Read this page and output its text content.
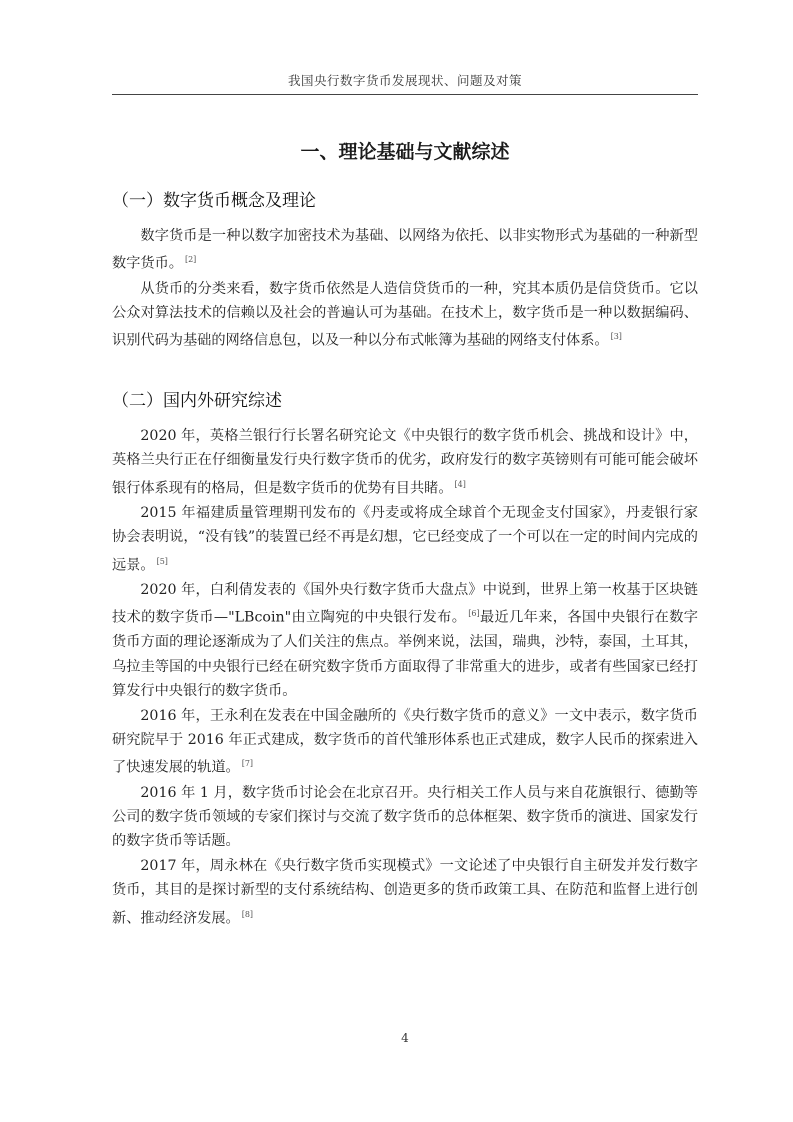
我国央行数字货币发展现状、问题及对策
一、理论基础与文献综述
（一）数字货币概念及理论

数字货币是一种以数字加密技术为基础、以网络为依托、以非实物形式为基础的一种新型数字货币。 [2]

从货币的分类来看，数字货币依然是人造信贷货币的一种，究其本质仍是信贷货币。它以公众对算法技术的信赖以及社会的普遍认可为基础。在技术上，数字货币是一种以数据编码、识别代码为基础的网络信息包，以及一种以分布式帐簿为基础的网络支付体系。 [3]

（二）国内外研究综述

2020 年，英格兰银行行长署名研究论文《中央银行的数字货币机会、挑战和设计》中，英格兰央行正在仔细衡量发行央行数字货币的优劣，政府发行的数字英镑则有可能可能会破坏银行体系现有的格局，但是数字货币的优势有目共睹。 [4]

2015 年福建质量管理期刊发布的《丹麦或将成全球首个无现金支付国家》，丹麦银行家协会表明说，“没有钱”的装置已经不再是幻想，它已经变成了一个可以在一定的时间内完成的远景。 [5]

2020 年，白利倩发表的《国外央行数字货币大盘点》中说到，世界上第一枚基于区块链技术的数字货币—"LBcoin"由立陶宛的中央银行发布。 [6]最近几年来，各国中央银行在数字货币方面的理论逐渐成为了人们关注的焦点。举例来说，法国，瑞典，沙特，泰国，土耳其，乌拉圭等国的中央银行已经在研究数字货币方面取得了非常重大的进步，或者有些国家已经打算发行中央银行的数字货币。

2016 年，王永利在发表在中国金融所的《央行数字货币的意义》一文中表示，数字货币研究院早于 2016 年正式建成，数字货币的首代雏形体系也正式建成，数字人民币的探索进入了快速发展的轨道。 [7]

2016 年 1 月，数字货币讨论会在北京召开。央行相关工作人员与来自花旗银行、德勤等公司的数字货币领域的专家们探讨与交流了数字货币的总体框架、数字货币的演进、国家发行的数字货币等话题。

2017 年，周永林在《央行数字货币实现模式》一文论述了中央银行自主研发并发行数字货币，其目的是探讨新型的支付系统结构、创造更多的货币政策工具、在防范和监督上进行创新、推动经济发展。 [8]

4
